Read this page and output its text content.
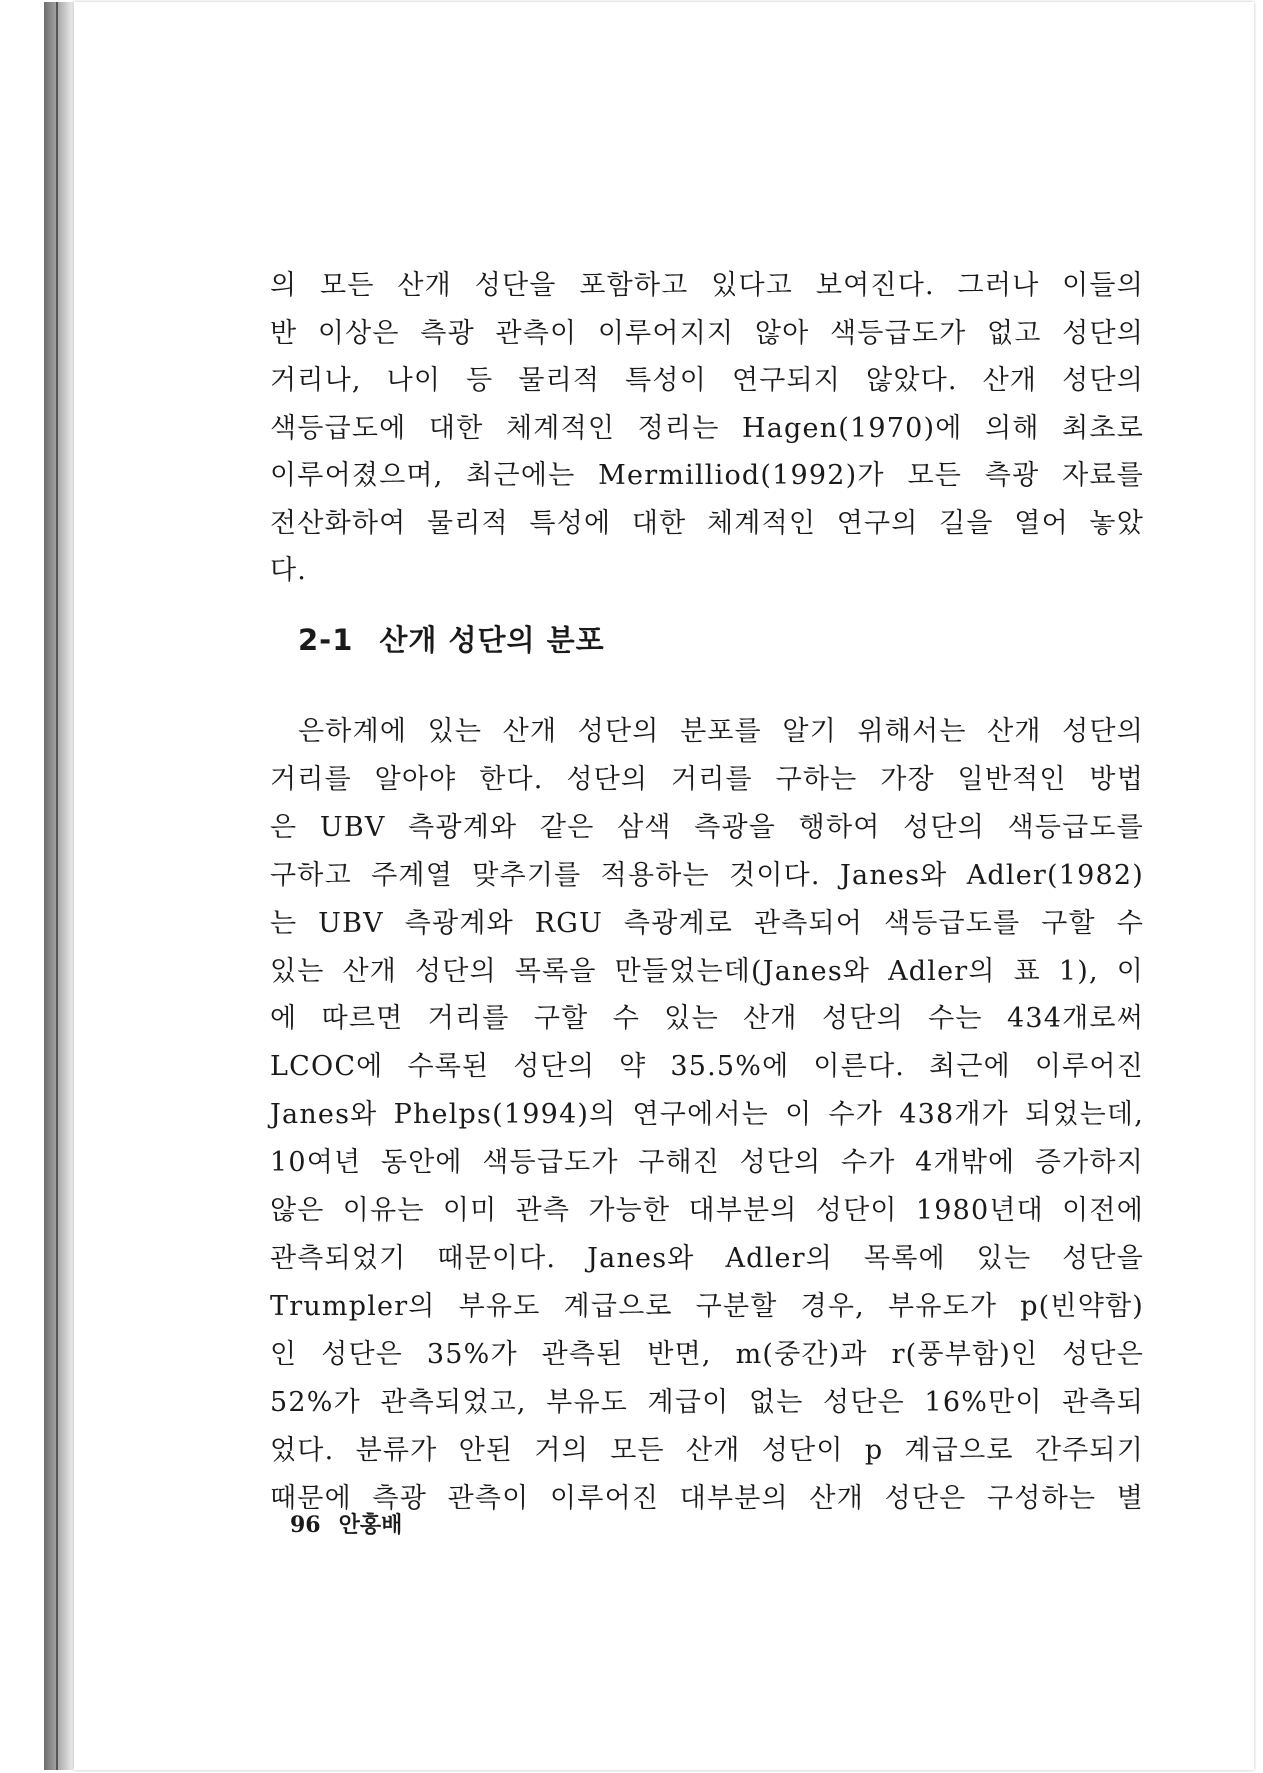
의 모든 산개 성단을 포함하고 있다고 보여진다. 그러나 이들의
반 이상은 측광 관측이 이루어지지 않아 색등급도가 없고 성단의
거리나, 나이 등 물리적 특성이 연구되지 않았다. 산개 성단의
색등급도에 대한 체계적인 정리는 Hagen(1970)에 의해 최초로
이루어졌으며, 최근에는 Mermilliod(1992)가 모든 측광 자료를
전산화하여 물리적 특성에 대한 체계적인 연구의 길을 열어 놓았
다.

2-1 산개 성단의 분포

은하계에 있는 산개 성단의 분포를 알기 위해서는 산개 성단의
거리를 알아야 한다. 성단의 거리를 구하는 가장 일반적인 방법
은 UBV 측광계와 같은 삼색 측광을 행하여 성단의 색등급도를
구하고 주계열 맞추기를 적용하는 것이다. Janes와 Adler(1982)
는 UBV 측광계와 RGU 측광계로 관측되어 색등급도를 구할 수
있는 산개 성단의 목록을 만들었는데(Janes와 Adler의 표 1), 이
에 따르면 거리를 구할 수 있는 산개 성단의 수는 434개로써
LCOC에 수록된 성단의 약 35.5%에 이른다. 최근에 이루어진
Janes와 Phelps(1994)의 연구에서는 이 수가 438개가 되었는데,
10여년 동안에 색등급도가 구해진 성단의 수가 4개밖에 증가하지
않은 이유는 이미 관측 가능한 대부분의 성단이 1980년대 이전에
관측되었기 때문이다. Janes와 Adler의 목록에 있는 성단을
Trumpler의 부유도 계급으로 구분할 경우, 부유도가 p(빈약함)
인 성단은 35%가 관측된 반면, m(중간)과 r(풍부함)인 성단은
52%가 관측되었고, 부유도 계급이 없는 성단은 16%만이 관측되
었다. 분류가 안된 거의 모든 산개 성단이 p 계급으로 간주되기
때문에 측광 관측이 이루어진 대부분의 산개 성단은 구성하는 별

96 안홍배
